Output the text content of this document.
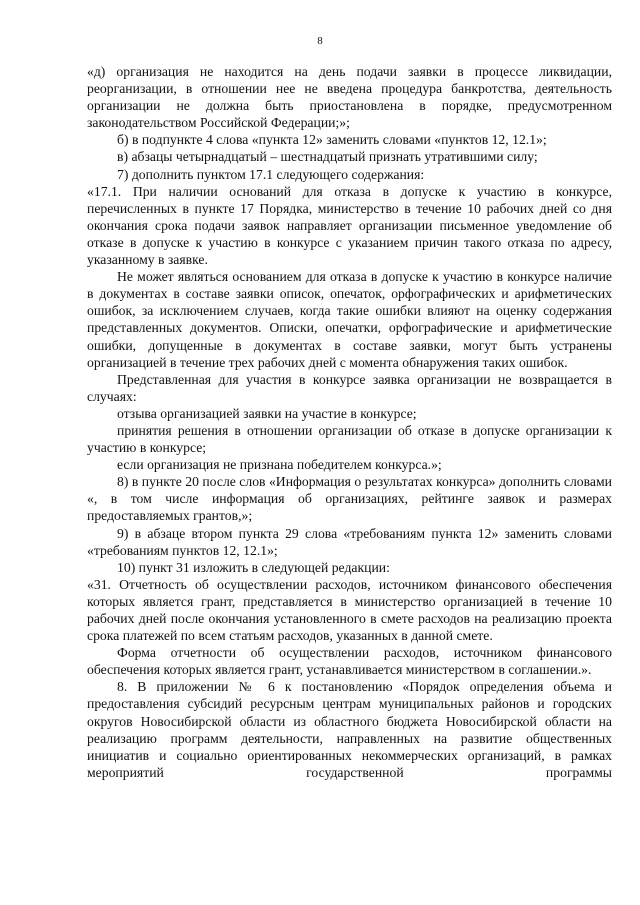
8

«д) организация не находится на день подачи заявки в процессе ликвидации, реорганизации, в отношении нее не введена процедура банкротства, деятельность организации не должна быть приостановлена в порядке, предусмотренном законодательством Российской Федерации;»;

б) в подпункте 4 слова «пункта 12» заменить словами «пунктов 12, 12.1»;

в) абзацы четырнадцатый – шестнадцатый признать утратившими силу;

7) дополнить пунктом 17.1 следующего содержания:

«17.1. При наличии оснований для отказа в допуске к участию в конкурсе, перечисленных в пункте 17 Порядка, министерство в течение 10 рабочих дней со дня окончания срока подачи заявок направляет организации письменное уведомление об отказе в допуске к участию в конкурсе с указанием причин такого отказа по адресу, указанному в заявке.

Не может являться основанием для отказа в допуске к участию в конкурсе наличие в документах в составе заявки описок, опечаток, орфографических и арифметических ошибок, за исключением случаев, когда такие ошибки влияют на оценку содержания представленных документов. Описки, опечатки, орфографические и арифметические ошибки, допущенные в документах в составе заявки, могут быть устранены организацией в течение трех рабочих дней с момента обнаружения таких ошибок.

Представленная для участия в конкурсе заявка организации не возвращается в случаях:

отзыва организацией заявки на участие в конкурсе;

принятия решения в отношении организации об отказе в допуске организации к участию в конкурсе;

если организация не признана победителем конкурса.»;

8) в пункте 20 после слов «Информация о результатах конкурса» дополнить словами «, в том числе информация об организациях, рейтинге заявок и размерах предоставляемых грантов,»;

9) в абзаце втором пункта 29 слова «требованиям пункта 12» заменить словами «требованиям пунктов 12, 12.1»;

10) пункт 31 изложить в следующей редакции:

«31. Отчетность об осуществлении расходов, источником финансового обеспечения которых является грант, представляется в министерство организацией в течение 10 рабочих дней после окончания установленного в смете расходов на реализацию проекта срока платежей по всем статьям расходов, указанных в данной смете.

Форма отчетности об осуществлении расходов, источником финансового обеспечения которых является грант, устанавливается министерством в соглашении.».

8. В приложении № 6 к постановлению «Порядок определения объема и предоставления субсидий ресурсным центрам муниципальных районов и городских округов Новосибирской области из областного бюджета Новосибирской области на реализацию программ деятельности, направленных на развитие общественных инициатив и социально ориентированных некоммерческих организаций, в рамках мероприятий государственной программы
